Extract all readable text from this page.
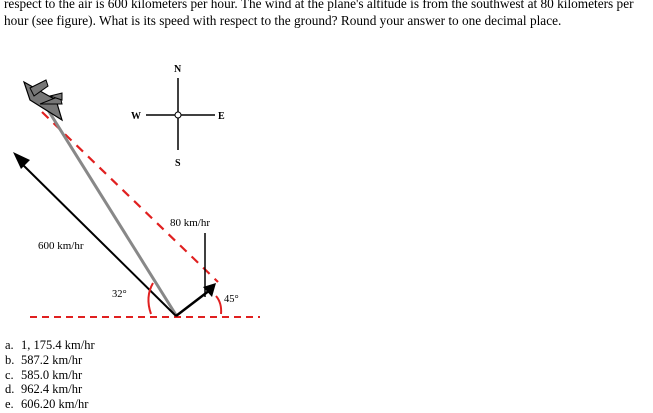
respect to the air is 600 kilometers per hour. The wind at the plane's altitude is from the southwest at 80 kilometers per hour (see figure). What is its speed with respect to the ground? Round your answer to one decimal place.

N
S
W	E
80 km/hr
600 km/hr
32°	45°
a. 1, 175.4 km/hr
b. 587.2 km/hr
c. 585.0 km/hr
d. 962.4 km/hr
e. 606.20 km/hr
